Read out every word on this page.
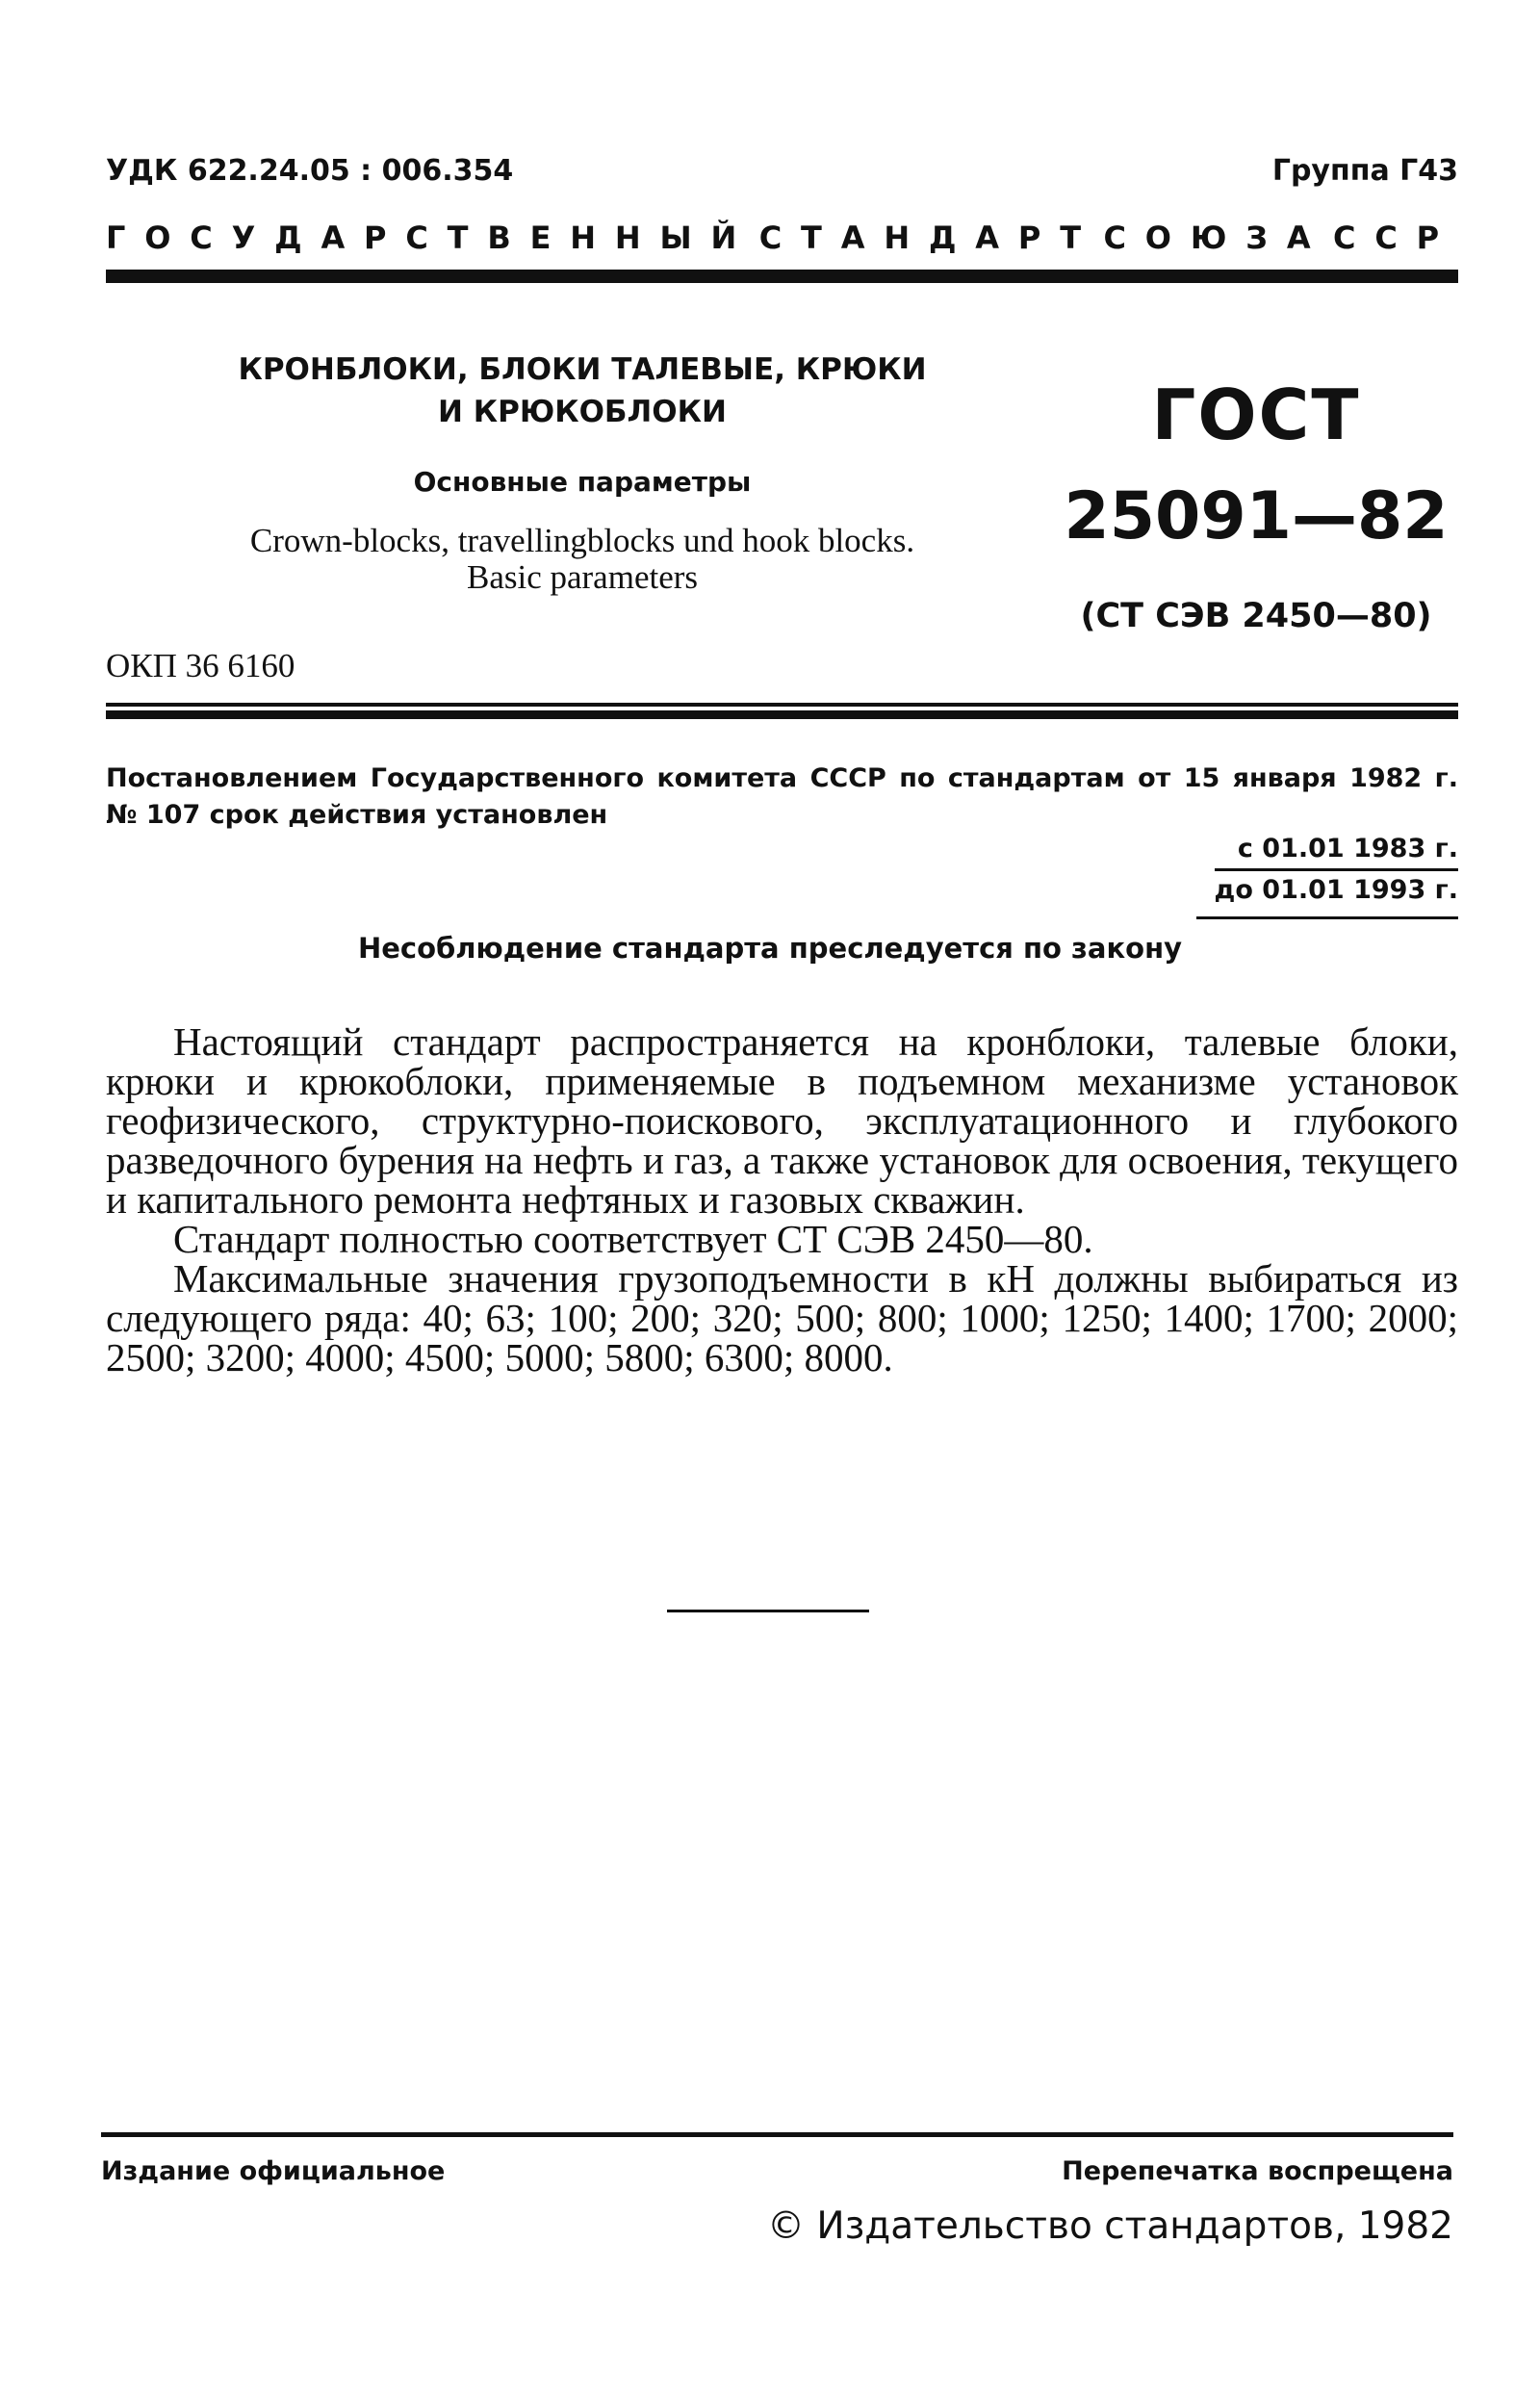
УДК 622.24.05 : 006.354	Группа Г43
ГОСУДАРСТВЕННЫЙ СТАНДАРТ СОЮЗА ССР
КРОНБЛОКИ, БЛОКИ ТАЛЕВЫЕ, КРЮКИ
И КРЮКОБЛОКИ
Основные параметры
Crown-blocks, travellingblocks und hook blocks.
Basic parameters
ГОСТ
25091—82
(СТ СЭВ 2450—80)
ОКП 36 6160
Постановлением Государственного комитета СССР по стандартам от 15 января 1982 г. № 107 срок действия установлен
с 01.01 1983 г.
до 01.01 1993 г.
Несоблюдение стандарта преследуется по закону

Настоящий стандарт распространяется на кронблоки, талевые блоки, крюки и крюкоблоки, применяемые в подъемном механизме установок геофизического, структурно-поискового, эксплуатационного и глубокого разведочного бурения на нефть и газ, а также установок для освоения, текущего и капитального ремонта нефтяных и газовых скважин.

Стандарт полностью соответствует СТ СЭВ 2450—80.

Максимальные значения грузоподъемности в кН должны выбираться из следующего ряда: 40; 63; 100; 200; 320; 500; 800; 1000; 1250; 1400; 1700; 2000; 2500; 3200; 4000; 4500; 5000; 5800; 6300; 8000.

Издание официальное	Перепечатка воспрещена
© Издательство стандартов, 1982
